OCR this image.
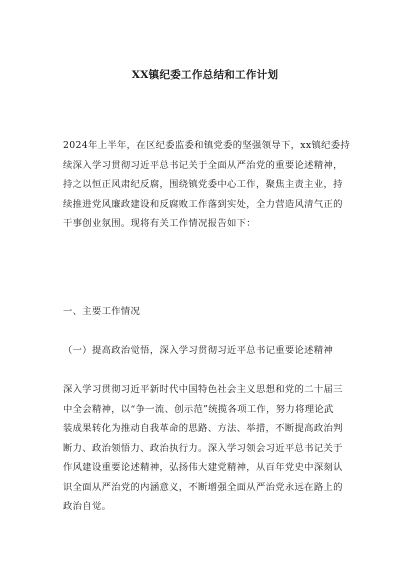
XX镇纪委工作总结和工作计划

2024年上半年，在区纪委监委和镇党委的坚强领导下，xx镇纪委持
续深入学习贯彻习近平总书记关于全面从严治党的重要论述精神，
持之以恒正风肃纪反腐，围绕镇党委中心工作，聚焦主责主业，持
续推进党风廉政建设和反腐败工作落到实处，全力营造风清气正的
干事创业氛围。现将有关工作情况报告如下：

一、主要工作情况

（一）提高政治觉悟，深入学习贯彻习近平总书记重要论述精神

深入学习贯彻习近平新时代中国特色社会主义思想和党的二十届三
中全会精神，以“争一流、创示范”统揽各项工作，努力将理论武
装成果转化为推动自我革命的思路、方法、举措，不断提高政治判
断力、政治领悟力、政治执行力。深入学习领会习近平总书记关于
作风建设重要论述精神，弘扬伟大建党精神，从百年党史中深刻认
识全面从严治党的内涵意义，不断增强全面从严治党永远在路上的
政治自觉。
